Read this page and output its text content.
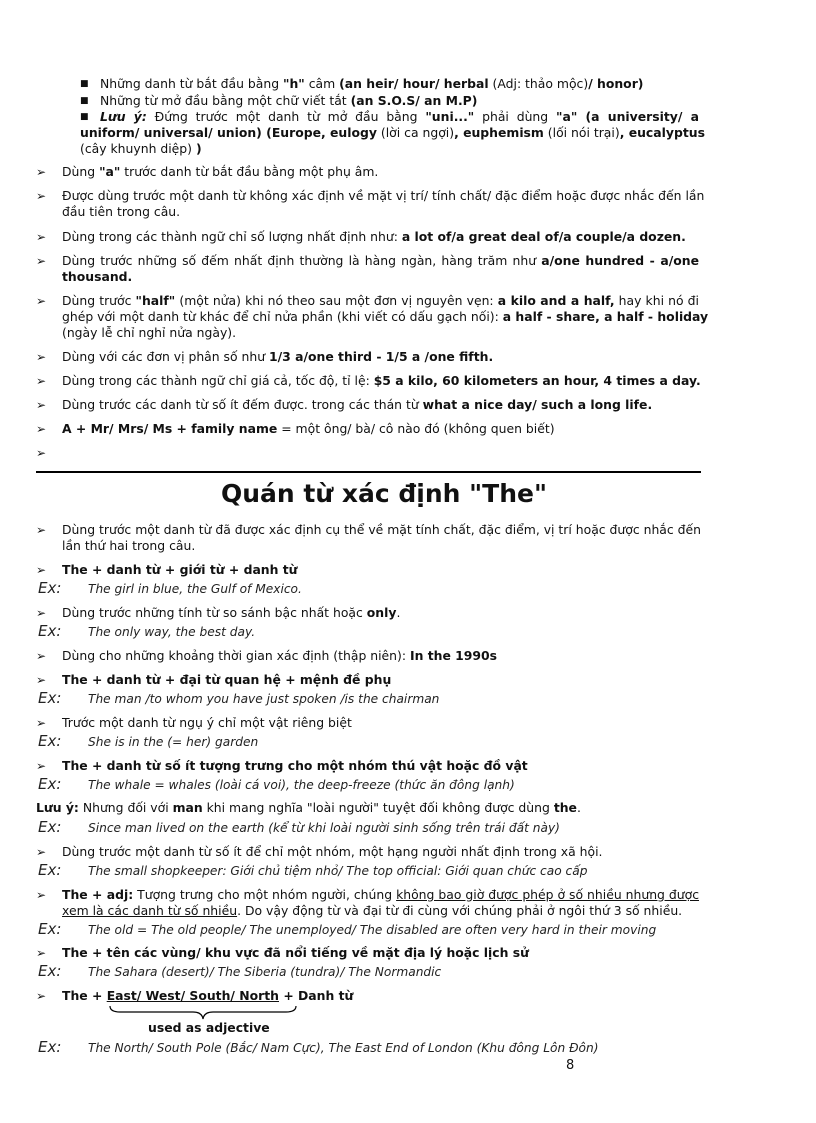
■ Những danh từ bắt đầu bằng "h" câm (an heir/ hour/ herbal (Adj: thảo mộc)/ honor)
■ Những từ mở đầu bằng một chữ viết tắt (an S.O.S/ an M.P)
■ Lưu ý: Đứng trước một danh từ mở đầu bằng "uni..." phải dùng "a" (a university/ a
uniform/ universal/ union) (Europe, eulogy (lời ca ngợi), euphemism (lối nói trại), eucalyptus
(cây khuynh diệp) )
➢ Dùng "a" trước danh từ bắt đầu bằng một phụ âm.
➢ Được dùng trước một danh từ không xác định về mặt vị trí/ tính chất/ đặc điểm hoặc được nhắc đến lần
đầu tiên trong câu.
➢ Dùng trong các thành ngữ chỉ số lượng nhất định như: a lot of/a great deal of/a couple/a dozen.
➢ Dùng trước những số đếm nhất định thường là hàng ngàn, hàng trăm như a/one hundred - a/one
thousand.
➢ Dùng trước "half" (một nửa) khi nó theo sau một đơn vị nguyên vẹn: a kilo and a half, hay khi nó đi
ghép với một danh từ khác để chỉ nửa phần (khi viết có dấu gạch nối): a half - share, a half - holiday
(ngày lễ chỉ nghỉ nửa ngày).
➢ Dùng với các đơn vị phân số như 1/3 a/one third - 1/5 a /one fifth.
➢ Dùng trong các thành ngữ chỉ giá cả, tốc độ, tỉ lệ: $5 a kilo, 60 kilometers an hour, 4 times a day.
➢ Dùng trước các danh từ số ít đếm được. trong các thán từ what a nice day/ such a long life.
➢ A + Mr/ Mrs/ Ms + family name = một ông/ bà/ cô nào đó (không quen biết)
➢
Quán từ xác định "The"
➢ Dùng trước một danh từ đã được xác định cụ thể về mặt tính chất, đặc điểm, vị trí hoặc được nhắc đến
lần thứ hai trong câu.
➢ The + danh từ + giới từ + danh từ
Ex: The girl in blue, the Gulf of Mexico.
➢ Dùng trước những tính từ so sánh bậc nhất hoặc only.
Ex: The only way, the best day.
➢ Dùng cho những khoảng thời gian xác định (thập niên): In the 1990s
➢ The + danh từ + đại từ quan hệ + mệnh đề phụ
Ex: The man /to whom you have just spoken /is the chairman
➢ Trước một danh từ ngụ ý chỉ một vật riêng biệt
Ex: She is in the (= her) garden
➢ The + danh từ số ít tượng trưng cho một nhóm thú vật hoặc đồ vật
Ex: The whale = whales (loài cá voi), the deep-freeze (thức ăn đông lạnh)
Lưu ý: Nhưng đối với man khi mang nghĩa "loài người" tuyệt đối không được dùng the.
Ex: Since man lived on the earth (kể từ khi loài người sinh sống trên trái đất này)
➢ Dùng trước một danh từ số ít để chỉ một nhóm, một hạng người nhất định trong xã hội.
Ex: The small shopkeeper: Giới chủ tiệm nhỏ/ The top official: Giới quan chức cao cấp
➢ The + adj: Tượng trưng cho một nhóm người, chúng không bao giờ được phép ở số nhiều nhưng được
xem là các danh từ số nhiều. Do vậy động từ và đại từ đi cùng với chúng phải ở ngôi thứ 3 số nhiều.
Ex: The old = The old people/ The unemployed/ The disabled are often very hard in their moving
➢ The + tên các vùng/ khu vực đã nổi tiếng về mặt địa lý hoặc lịch sử
Ex: The Sahara (desert)/ The Siberia (tundra)/ The Normandic
➢ The + East/ West/ South/ North + Danh từ
used as adjective
Ex: The North/ South Pole (Bắc/ Nam Cực), The East End of London (Khu đông Lôn Đôn)
8
